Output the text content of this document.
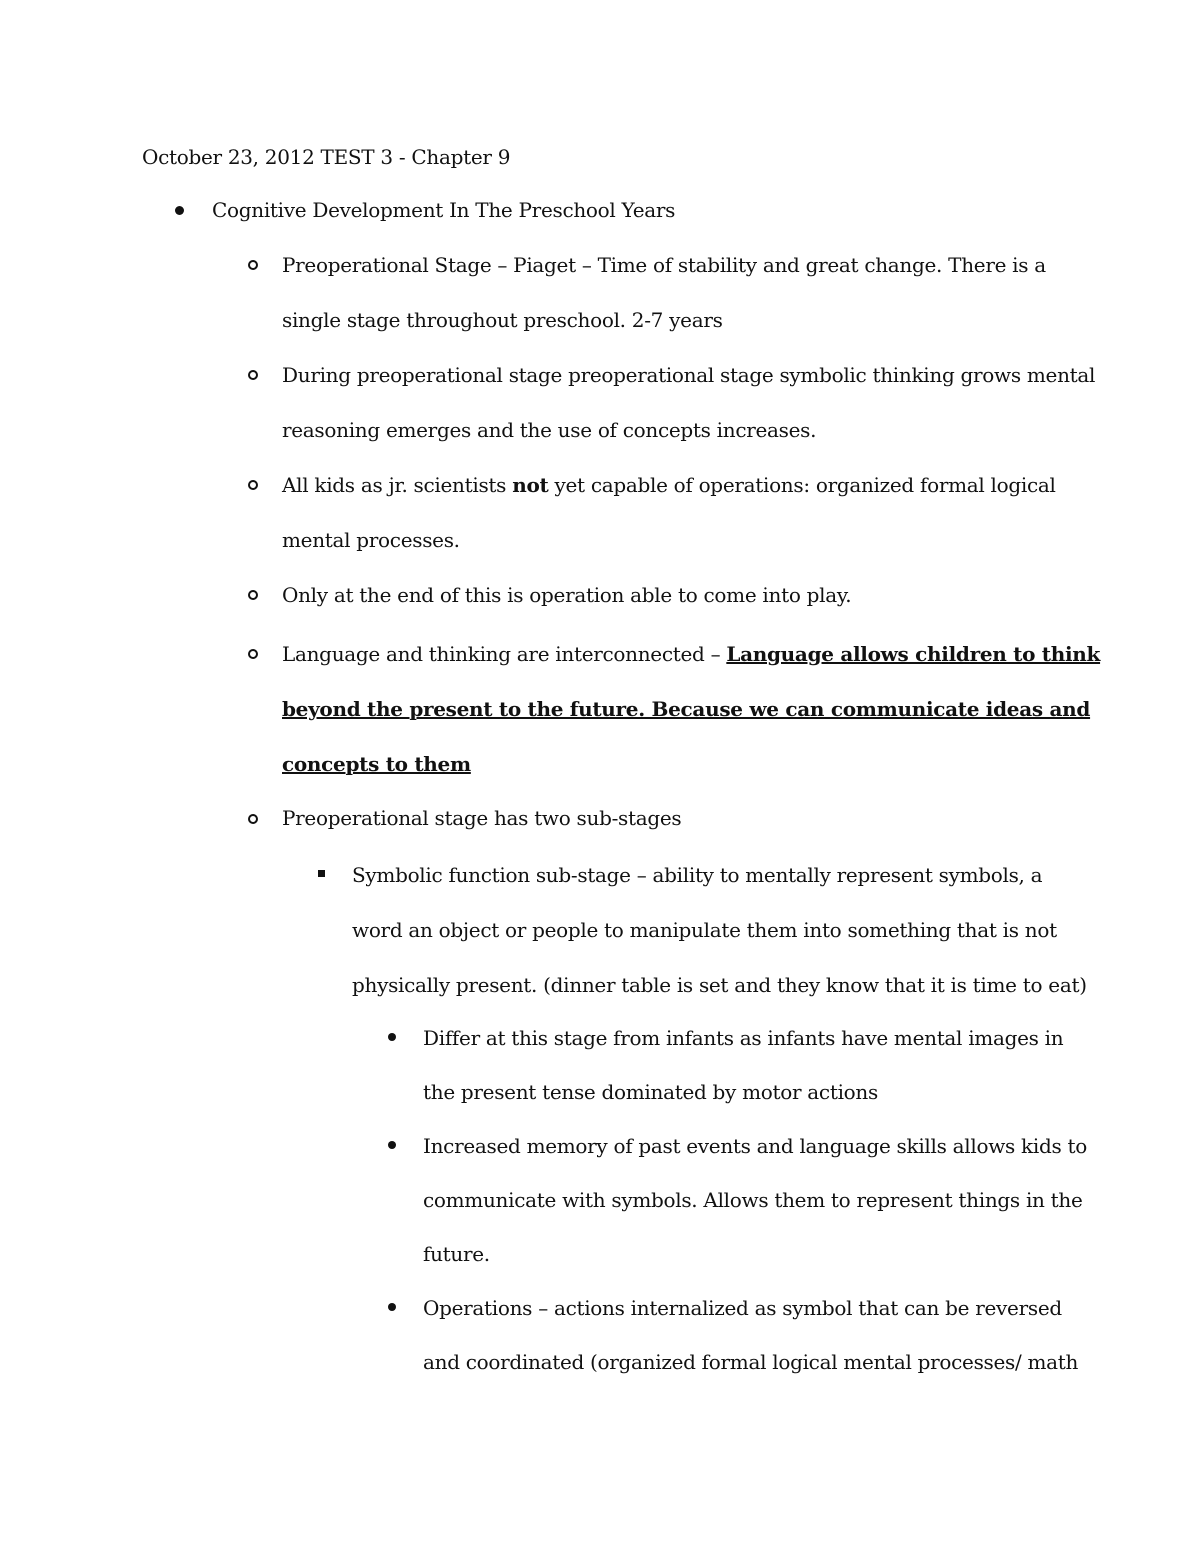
October 23, 2012 TEST 3 - Chapter 9
Cognitive Development In The Preschool Years
Preoperational Stage – Piaget – Time of stability and great change. There is a
single stage throughout preschool. 2-7 years
During preoperational stage preoperational stage symbolic thinking grows mental
reasoning emerges and the use of concepts increases.
All kids as jr. scientists not yet capable of operations: organized formal logical
mental processes.
Only at the end of this is operation able to come into play.
Language and thinking are interconnected – Language allows children to think
beyond the present to the future. Because we can communicate ideas and
concepts to them
Preoperational stage has two sub-stages
Symbolic function sub-stage – ability to mentally represent symbols, a
word an object or people to manipulate them into something that is not
physically present. (dinner table is set and they know that it is time to eat)
Differ at this stage from infants as infants have mental images in
the present tense dominated by motor actions
Increased memory of past events and language skills allows kids to
communicate with symbols. Allows them to represent things in the
future.
Operations – actions internalized as symbol that can be reversed
and coordinated (organized formal logical mental processes/ math
